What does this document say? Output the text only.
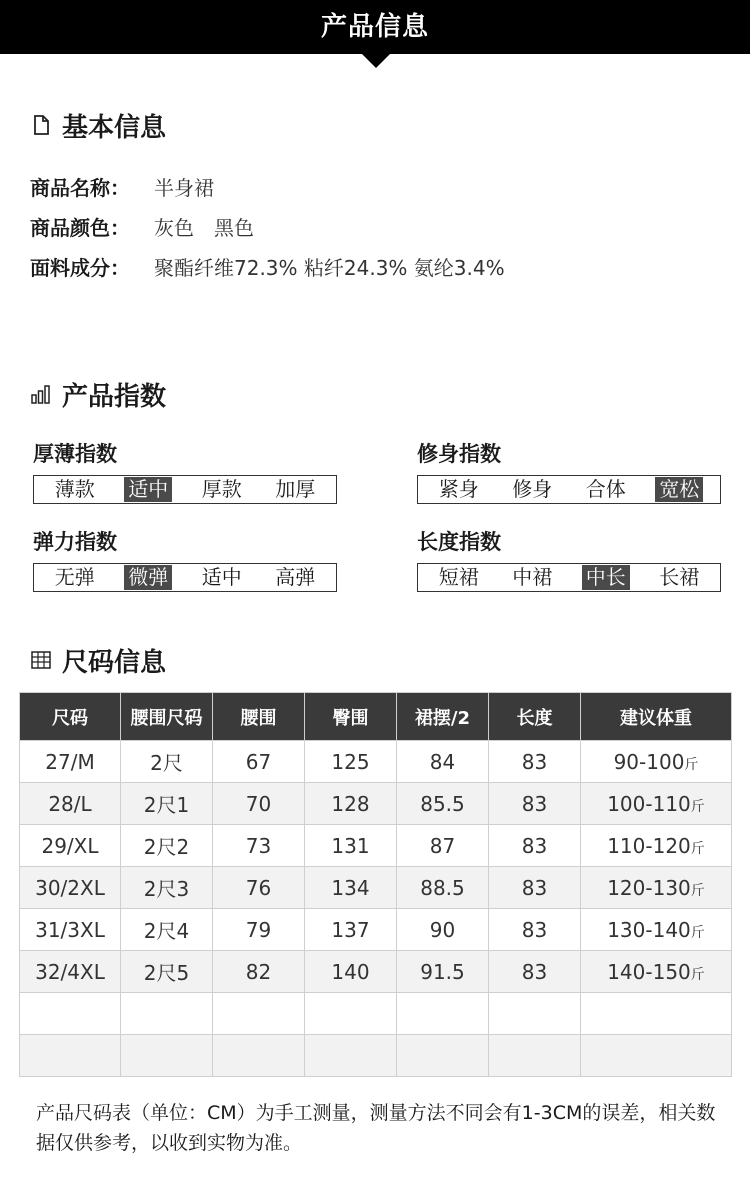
产品信息
基本信息
商品名称：	半身裙
商品颜色：	灰色　黑色
面料成分：	聚酯纤维72.3% 粘纤24.3% 氨纶3.4%
产品指数
厚薄指数
薄款 适中 厚款 加厚
修身指数
紧身 修身 合体 宽松
弹力指数
无弹 微弹 适中 高弹
长度指数
短裙 中裙 中长 长裙
尺码信息
尺码	腰围尺码	腰围	臀围	裙摆/2	长度	建议体重
27/M	2尺	67	125	84	83	90-100斤
28/L	2尺1	70	128	85.5	83	100-110斤
29/XL	2尺2	73	131	87	83	110-120斤
30/2XL	2尺3	76	134	88.5	83	120-130斤
31/3XL	2尺4	79	137	90	83	130-140斤
32/4XL	2尺5	82	140	91.5	83	140-150斤

产品尺码表（单位：CM）为手工测量，测量方法不同会有1-3CM的误差，相关数据仅供参考，以收到实物为准。
